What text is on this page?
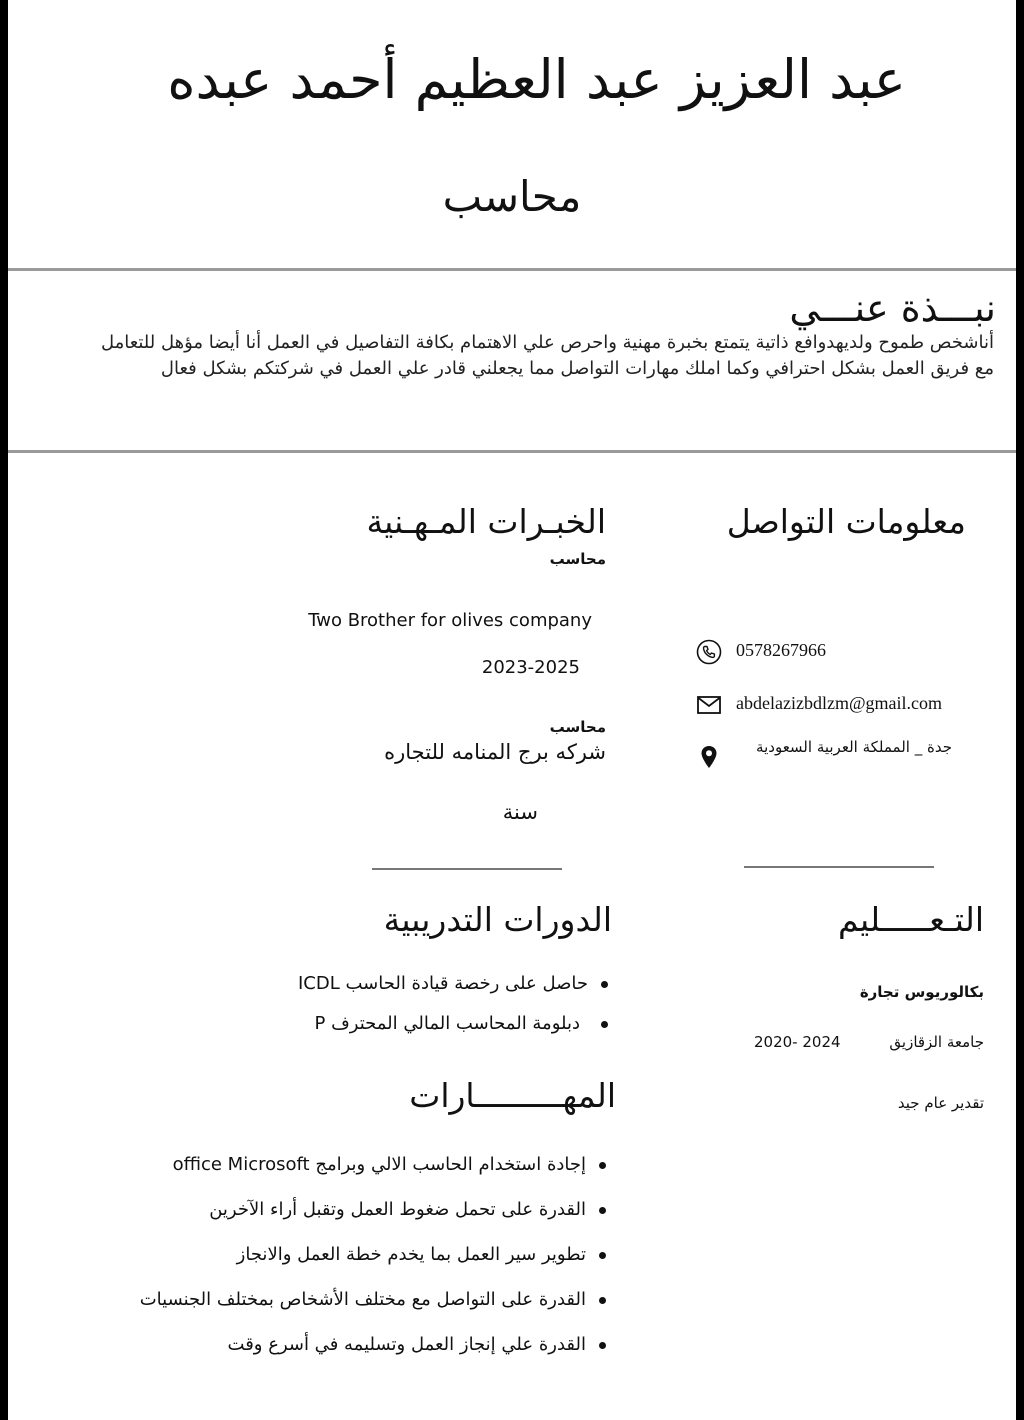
عبد العزيز عبد العظيم أحمد عبده
محاسب
نبـــذة عنـــي
أناشخص طموح ولديهدوافع ذاتية يتمتع بخبرة مهنية واحرص علي الاهتمام بكافة التفاصيل في العمل أنا أيضا مؤهل للتعامل مع فريق العمل بشكل احترافي وكما املك مهارات التواصل مما يجعلني قادر علي العمل في شركتكم بشكل فعال
معلومات التواصل
0578267966
abdelazizbdlzm@gmail.com
جدة _ المملكة العربية السعودية
الخبـرات المـهـنية
محاسب
Two Brother for olives company
2023-2025
محاسب
شركه برج المنامه للتجاره
سنة
التـعـــــليم
بكالوريوس تجارة
جامعة الزقازيق
2020- 2024
تقدير عام جيد
الدورات التدريبية
حاصل على رخصة قيادة الحاسب ICDL
دبلومة المحاسب المالي المحترف P
المهـــــــــارات
إجادة استخدام الحاسب الالي وبرامج office Microsoft
القدرة على تحمل ضغوط العمل وتقبل أراء الآخرين
تطوير سير العمل بما يخدم خطة العمل والانجاز
القدرة على التواصل مع مختلف الأشخاص بمختلف الجنسيات
القدرة علي إنجاز العمل وتسليمه في أسرع وقت
